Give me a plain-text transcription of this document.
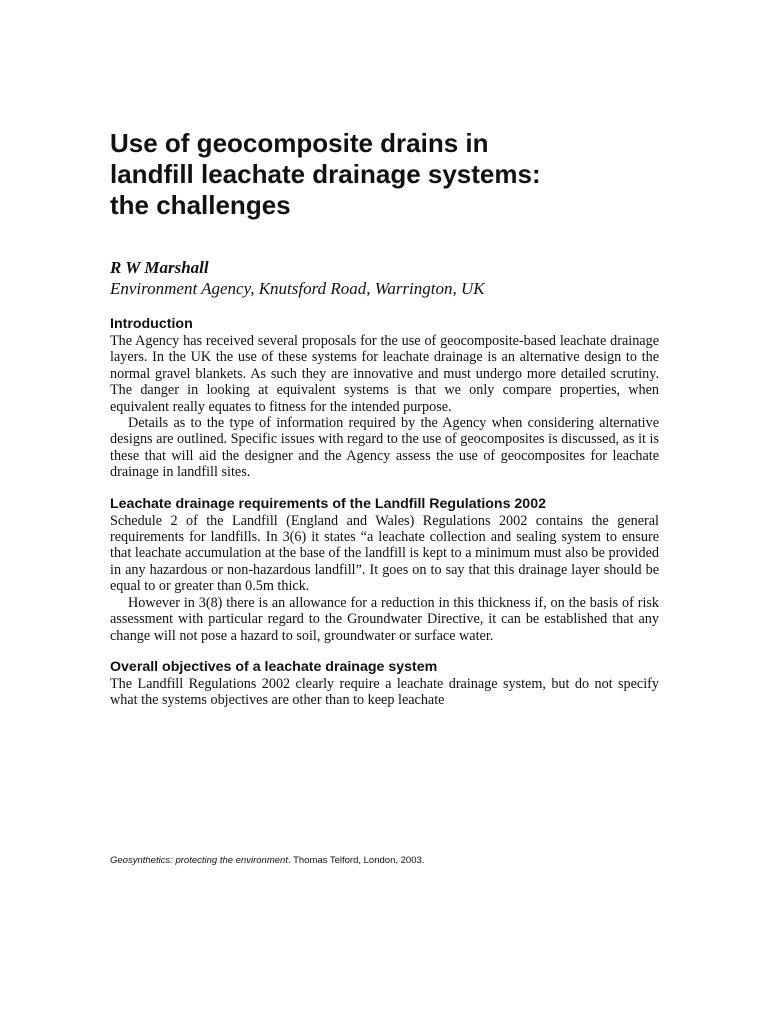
Use of geocomposite drains in
landfill leachate drainage systems:
the challenges
R W Marshall
Environment Agency, Knutsford Road, Warrington, UK
Introduction

The Agency has received several proposals for the use of geocomposite-based leachate drainage layers. In the UK the use of these systems for leachate drainage is an alternative design to the normal gravel blankets. As such they are innovative and must undergo more detailed scrutiny. The danger in looking at equivalent systems is that we only compare properties, when equivalent really equates to fitness for the intended purpose.

Details as to the type of information required by the Agency when considering alternative designs are outlined. Specific issues with regard to the use of geocomposites is discussed, as it is these that will aid the designer and the Agency assess the use of geocomposites for leachate drainage in landfill sites.

Leachate drainage requirements of the Landfill Regulations 2002

Schedule 2 of the Landfill (England and Wales) Regulations 2002 contains the general requirements for landfills. In 3(6) it states “a leachate collection and sealing system to ensure that leachate accumulation at the base of the landfill is kept to a minimum must also be provided in any hazardous or non-hazardous landfill”. It goes on to say that this drainage layer should be equal to or greater than 0.5m thick.

However in 3(8) there is an allowance for a reduction in this thickness if, on the basis of risk assessment with particular regard to the Groundwater Directive, it can be established that any change will not pose a hazard to soil, groundwater or surface water.

Overall objectives of a leachate drainage system

The Landfill Regulations 2002 clearly require a leachate drainage system, but do not specify what the systems objectives are other than to keep leachate

Geosynthetics: protecting the environment. Thomas Telford, London, 2003.
